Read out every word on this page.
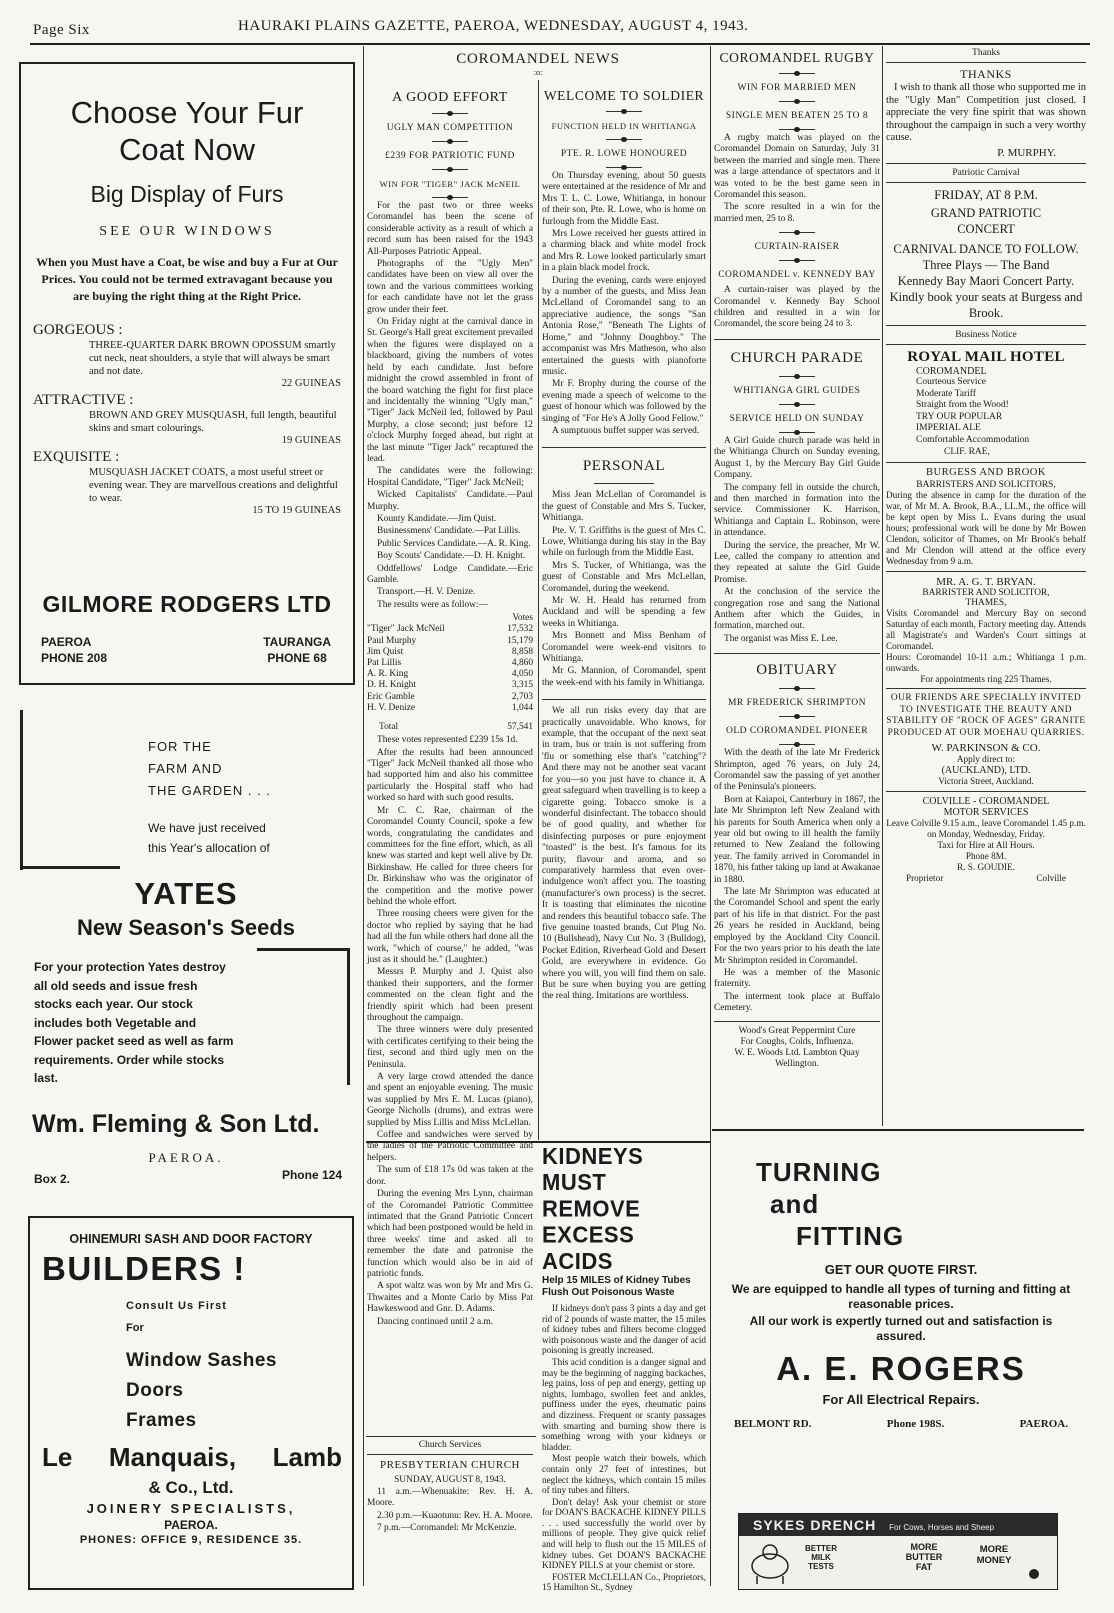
Page Six	HAURAKI PLAINS GAZETTE, PAEROA, WEDNESDAY, AUGUST 4, 1943.
Choose Your Fur
Coat Now
Big Display of Furs
SEE OUR WINDOWS
When you Must have a Coat, be wise and buy a Fur at Our Prices. You could not be termed extravagant because you are buying the right thing at the Right Price.
GORGEOUS :
THREE-QUARTER DARK BROWN OPOSSUM smartly cut neck, neat shoulders, a style that will always be smart and not date.
22 GUINEAS
ATTRACTIVE :
BROWN AND GREY MUSQUASH, full length, beautiful skins and smart colourings.
19 GUINEAS
EXQUISITE :
MUSQUASH JACKET COATS, a most useful street or evening wear. They are marvellous creations and delightful to wear.
15 TO 19 GUINEAS
GILMORE RODGERS LTD
PAEROA
PHONE 208
TAURANGA
PHONE 68
FOR THE
FARM AND
THE GARDEN . . .
We have just received
this Year's allocation of
YATES
New Season's Seeds
For your protection Yates destroy all old seeds and issue fresh stocks each year. Our stock includes both Vegetable and Flower packet seed as well as farm requirements. Order while stocks last.
Wm. Fleming & Son Ltd.
PAEROA.
Box 2.	Phone 124
OHINEMURI SASH AND DOOR FACTORY
BUILDERS !
Consult Us First
For
Window Sashes
Doors
Frames
Le Manquais, Lamb
& Co., Ltd.
JOINERY SPECIALISTS,
PAEROA.
PHONES: OFFICE 9, RESIDENCE 35.
COROMANDEL NEWS
:o:
A GOOD EFFORT
UGLY MAN COMPETITION
£239 FOR PATRIOTIC FUND
WIN FOR "TIGER" JACK McNEIL

For the past two or three weeks Coromandel has been the scene of considerable activity as a result of which a record sum has been raised for the 1943 All-Purposes Patriotic Appeal.

Photographs of the "Ugly Men" candidates have been on view all over the town and the various committees working for each candidate have not let the grass grow under their feet.

On Friday night at the carnival dance in St. George's Hall great excitement prevailed when the figures were displayed on a blackboard, giving the numbers of votes held by each candidate. Just before midnight the crowd assembled in front of the board watching the fight for first place and incidentally the winning "Ugly man," "Tiger" Jack McNeil led, followed by Paul Murphy, a close second; just before 12 o'clock Murphy forged ahead, but right at the last minute "Tiger Jack" recaptured the lead.

The candidates were the following: Hospital Candidate, "Tiger" Jack McNeil;

Wicked Capitalists' Candidate.—Paul Murphy.

Kounty Kandidate.—Jim Quist.

Businessmens' Candidate.—Pat Lillis.

Public Services Candidate.—A. R. King.

Boy Scouts' Candidate.—D. H. Knight.

Oddfellows' Lodge Candidate.—Eric Gamble.

Transport.—H. V. Denize.

The results were as follow:—

Votes
"Tiger" Jack McNeil	17,532
Paul Murphy	15,179
Jim Quist	8,858
Pat Lillis	4,860
A. R. King	4,050
D. H. Knight	3,315
Eric Gamble	2,703
H. V. Denize	1,044
Total	57,541

These votes represented £239 15s 1d.

After the results had been announced "Tiger" Jack McNeil thanked all those who had supported him and also his committee particularly the Hospital staff who had worked so hard with such good results.

Mr C. C. Rae, chairman of the Coromandel County Council, spoke a few words, congratulating the candidates and committees for the fine effort, which, as all knew was started and kept well alive by Dr. Birkinshaw. He called for three cheers for Dr. Birkinshaw who was the originator of the competition and the motive power behind the whole effort.

Three rousing cheers were given for the doctor who replied by saying that he had had all the fun while others had done all the work, "which of course," he added, "was just as it should be." (Laughter.)

Messrs P. Murphy and J. Quist also thanked their supporters, and the former commented on the clean fight and the friendly spirit which had been present throughout the campaign.

The three winners were duly presented with certificates certifying to their being the first, second and third ugly men on the Peninsula.

A very large crowd attended the dance and spent an enjoyable evening. The music was supplied by Mrs E. M. Lucas (piano), George Nicholls (drums), and extras were supplied by Miss Lillis and Miss McLellan.

Coffee and sandwiches were served by the ladies of the Patriotic Committee and helpers.

The sum of £18 17s 0d was taken at the door.

During the evening Mrs Lynn, chairman of the Coromandel Patriotic Committee intimated that the Grand Patriotic Concert which had been postponed would be held in three weeks' time and asked all to remember the date and patronise the function which would also be in aid of patriotic funds.

A spot waltz was won by Mr and Mrs G. Thwaites and a Monte Carlo by Miss Pat Hawkeswood and Gnr. D. Adams.

Dancing continued until 2 a.m.

WELCOME TO SOLDIER
FUNCTION HELD IN WHITIANGA
PTE. R. LOWE HONOURED

On Thursday evening, about 50 guests were entertained at the residence of Mr and Mrs T. L. C. Lowe, Whitianga, in honour of their son, Pte. R. Lowe, who is home on furlough from the Middle East.

Mrs Lowe received her guests attired in a charming black and white model frock and Mrs R. Lowe looked particularly smart in a plain black model frock.

During the evening, cards were enjoyed by a number of the guests, and Miss Jean McLelland of Coromandel sang to an appreciative audience, the songs "San Antonia Rose," "Beneath The Lights of Home," and "Johnny Doughboy." The accompanist was Mrs Matheson, who also entertained the guests with pianoforte music.

Mr F. Brophy during the course of the evening made a speech of welcome to the guest of honour which was followed by the singing of "For He's A Jolly Good Fellow."

A sumptuous buffet supper was served.

PERSONAL

Miss Jean McLellan of Coromandel is the guest of Constable and Mrs S. Tucker, Whitianga.

Pte. V. T. Griffiths is the guest of Mrs C. Lowe, Whitianga during his stay in the Bay while on furlough from the Middle East.

Mrs S. Tucker, of Whitianga, was the guest of Constable and Mrs McLellan, Coromandel, during the weekend.

Mr W. H. Heald has returned from Auckland and will be spending a few weeks in Whitianga.

Mrs Bonnett and Miss Benham of Coromandel were week-end visitors to Whitianga.

Mr G. Mannion, of Coromandel, spent the week-end with his family in Whitianga.

We all run risks every day that are practically unavoidable. Who knows, for example, that the occupant of the next seat in tram, bus or train is not suffering from 'flu or something else that's "catching"? And there may not be another seat vacant for you—so you just have to chance it. A great safeguard when travelling is to keep a cigarette going. Tobacco smoke is a wonderful disinfectant. The tobacco should be of good quality, and whether for disinfecting purposes or pure enjoyment "toasted" is the best. It's famous for its purity, flavour and aroma, and so comparatively harmless that even over-indulgence won't affect you. The toasting (manufacturer's own process) is the secret. It is toasting that eliminates the nicotine and renders this beautiful tobacco safe. The five genuine toasted brands, Cut Plug No. 10 (Bullshead), Navy Cut No. 3 (Bulldog), Pocket Edition, Riverhead Gold and Desert Gold, are everywhere in evidence. Go where you will, you will find them on sale. But be sure when buying you are getting the real thing. Imitations are worthless.

Church Services
PRESBYTERIAN CHURCH
SUNDAY, AUGUST 8, 1943.

11 a.m.—Whenuakite: Rev. H. A. Moore.

2.30 p.m.—Kuaotunu: Rev. H. A. Moore.

7 p.m.—Coromandel: Mr McKenzie.

KIDNEYS
MUST REMOVE
EXCESS ACIDS
Help 15 MILES of Kidney Tubes Flush Out Poisonous Waste

If kidneys don't pass 3 pints a day and get rid of 2 pounds of waste matter, the 15 miles of kidney tubes and filters become clogged with poisonous waste and the danger of acid poisoning is greatly increased.

This acid condition is a danger signal and may be the beginning of nagging backaches, leg pains, loss of pep and energy, getting up nights, lumbago, swollen feet and ankles, puffiness under the eyes, rheumatic pains and dizziness. Frequent or scanty passages with smarting and burning show there is something wrong with your kidneys or bladder.

Most people watch their bowels, which contain only 27 feet of intestines, but neglect the kidneys, which contain 15 miles of tiny tubes and filters.

Don't delay! Ask your chemist or store for DOAN'S BACKACHE KIDNEY PILLS . . . used successfully the world over by millions of people. They give quick relief and will help to flush out the 15 MILES of kidney tubes. Get DOAN'S BACKACHE KIDNEY PILLS at your chemist or store.

FOSTER McCLELLAN Co., Proprietors, 15 Hamilton St., Sydney

COROMANDEL RUGBY
WIN FOR MARRIED MEN
SINGLE MEN BEATEN 25 TO 8

A rugby match was played on the Coromandel Domain on Saturday, July 31 between the married and single men. There was a large attendance of spectators and it was voted to be the best game seen in Coromandel this season.

The score resulted in a win for the married men, 25 to 8.

CURTAIN-RAISER
COROMANDEL v. KENNEDY BAY

A curtain-raiser was played by the Coromandel v. Kennedy Bay School children and resulted in a win for Coromandel, the score being 24 to 3.

CHURCH PARADE
WHITIANGA GIRL GUIDES
SERVICE HELD ON SUNDAY

A Girl Guide church parade was held in the Whitianga Church on Sunday evening, August 1, by the Mercury Bay Girl Guide Company.

The company fell in outside the church, and then marched in formation into the service. Commissioner K. Harrison, Whitianga and Captain L. Robinson, were in attendance.

During the service, the preacher, Mr W. Lee, called the company to attention and they repeated at salute the Girl Guide Promise.

At the conclusion of the service the congregation rose and sang the National Anthem after which the Guides, in formation, marched out.

The organist was Miss E. Lee.

OBITUARY
MR FREDERICK SHRIMPTON
OLD COROMANDEL PIONEER

With the death of the late Mr Frederick Shrimpton, aged 76 years, on July 24, Coromandel saw the passing of yet another of the Peninsula's pioneers.

Born at Kaiapoi, Canterbury in 1867, the late Mr Shrimpton left New Zealand with his parents for South America when only a year old but owing to ill health the family returned to New Zealand the following year. The family arrived in Coromandel in 1870, his father taking up land at Awakanae in 1880.

The late Mr Shrimpton was educated at the Coromandel School and spent the early part of his life in that district. For the past 26 years he resided in Auckland, being employed by the Auckland City Council. For the two years prior to his death the late Mr Shrimpton resided in Coromandel.

He was a member of the Masonic fraternity.

The interment took place at Buffalo Cemetery.

Wood's Great Peppermint Cure
For Coughs, Colds, Influenza.
W. E. Woods Ltd. Lambton Quay Wellington.
Thanks
THANKS
I wish to thank all those who supported me in the "Ugly Man" Competition just closed. I appreciate the very fine spirit that was shown throughout the campaign in such a very worthy cause.
P. MURPHY.
Patriotic Carnival
FRIDAY, AT 8 P.M.
GRAND PATRIOTIC
CONCERT
CARNIVAL DANCE TO FOLLOW.
Three Plays — The Band
Kennedy Bay Maori Concert Party.
Kindly book your seats at Burgess and Brook.
Business Notice
ROYAL MAIL HOTEL
COROMANDEL
Courteous Service
Moderate Tariff
Straight from the Wood!
TRY OUR POPULAR
IMPERIAL ALE
Comfortable Accommodation
CLIF. RAE,
BURGESS AND BROOK
BARRISTERS AND SOLICITORS,
During the absence in camp for the duration of the war, of Mr M. A. Brook, B.A., LL.M., the office will be kept open by Miss L. Evans during the usual hours; professional work will be done by Mr Bowen Clendon, solicitor of Thames, on Mr Brook's behalf and Mr Clendon will attend at the office every Wednesday from 9 a.m.
MR. A. G. T. BRYAN.
BARRISTER AND SOLICITOR,
THAMES,
Visits Coromandel and Mercury Bay on second Saturday of each month, Factory meeting day. Attends all Magistrate's and Warden's Court sittings at Coromandel.
Hours: Coromandel 10-11 a.m.; Whitianga 1 p.m. onwards.
For appointments ring 225 Thames.
OUR FRIENDS ARE SPECIALLY INVITED TO INVESTIGATE THE BEAUTY AND STABILITY OF "ROCK OF AGES" GRANITE PRODUCED AT OUR MOEHAU QUARRIES.
W. PARKINSON & CO.
Apply direct to:
(AUCKLAND), LTD.
Victoria Street, Auckland.
COLVILLE - COROMANDEL
MOTOR SERVICES
Leave Colville 9.15 a.m., leave Coromandel 1.45 p.m. on Monday, Wednesday, Friday.
Taxi for Hire at All Hours.
Phone 8M.
R. S. GOUDIE.
Proprietor	Colville
TURNING
and
FITTING
GET OUR QUOTE FIRST.
We are equipped to handle all types of turning and fitting at reasonable prices.
All our work is expertly turned out and satisfaction is assured.
A. E. ROGERS
For All Electrical Repairs.
BELMONT RD.	Phone 198S.	PAEROA.
SYKES DRENCH For Cows, Horses and Sheep
BETTER MILK TESTS
MORE BUTTER FAT
MORE MONEY
